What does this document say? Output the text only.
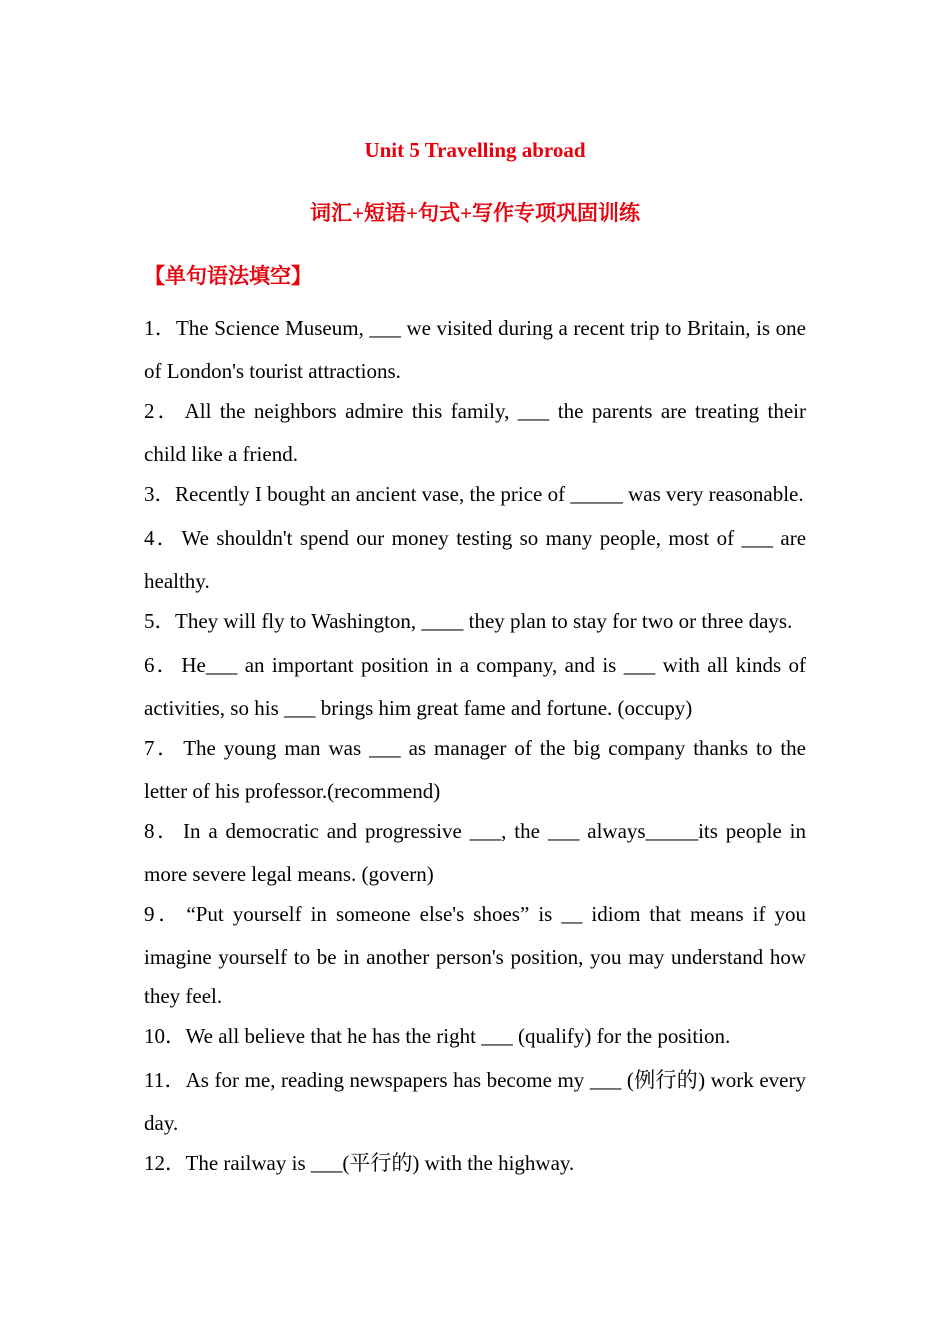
Unit 5 Travelling abroad
词汇+短语+句式+写作专项巩固训练
【单句语法填空】
1． The Science Museum, ___ we visited during a recent trip to Britain, is one of London's tourist attractions.
2． All the neighbors admire this family, ___ the parents are treating their child like a friend.
3． Recently I bought an ancient vase, the price of _____ was very reasonable.
4． We shouldn't spend our money testing so many people, most of ___ are healthy.
5． They will fly to Washington, ____ they plan to stay for two or three days.
6． He___ an important position in a company, and is ___ with all kinds of activities, so his ___ brings him great fame and fortune. (occupy)
7． The young man was ___ as manager of the big company thanks to the letter of his professor.(recommend)
8． In a democratic and progressive ___, the ___ always_____its people in more severe legal means. (govern)
9． “Put yourself in someone else's shoes” is __ idiom that means if you imagine yourself to be in another person's position, you may understand how they feel.
10． We all believe that he has the right ___ (qualify) for the position.
11． As for me, reading newspapers has become my ___ (例行的) work every day.
12． The railway is ___(平行的) with the highway.
